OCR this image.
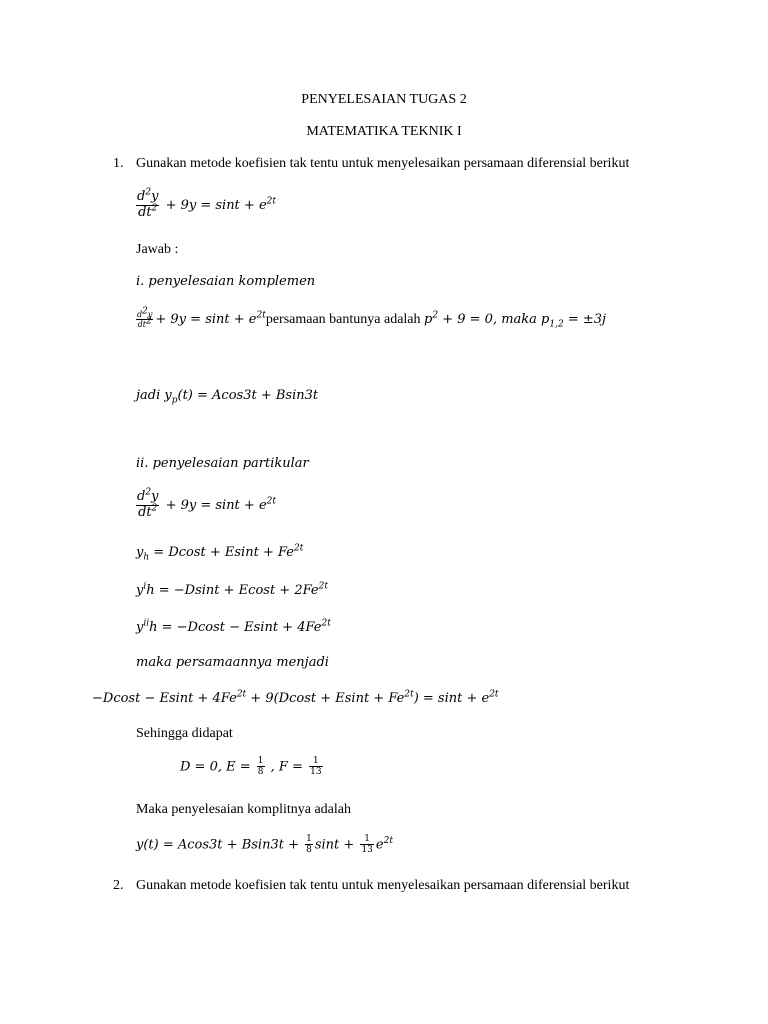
PENYELESAIAN TUGAS 2
MATEMATIKA TEKNIK I
1. Gunakan metode koefisien tak tentu untuk menyelesaikan persamaan diferensial berikut
$\frac{d^2y}{dt^2} + 9y = \sin t + e^{2t}$
Jawab :
i. penyelesaian komplemen
$\frac{d^2y}{dt^2} + 9y = \sin t$ + $e^{2t}persamaan$ bantunya adalah $p^2 + 9 = 0$, maka $p_{1,2} = \pm 3j$
jadi $y_p(t) = Acos3t + Bsin3t$
ii. penyelesaian partikular
$\frac{d^2y}{dt^2} + 9y = \sin t + e^{2t}$
$y_h = Dcost + Esint + Fe^{2t}$
$y^ih = -Dsint + Ecost + 2Fe^{2t}$
$y^{ii}h = -Dcost - Esint + 4Fe^{2t}$
maka persamaannya menjadi
$-Dcost - Esint + 4Fe^{2t} + 9(Dcost + Esint + Fe^{2t}) = \sin t + e^{2t}$
Sehingga didapat
D = 0, $E = \frac{1}{8}$ , $F = \frac{1}{13}$
Maka penyelesaian komplitnya adalah
$y(t) = Acos3t + Bsin3t + \frac{1}{8}$ $\sin t + \frac{1}{13} e^{2t}$
2. Gunakan metode koefisien tak tentu untuk menyelesaikan persamaan diferensial berikut
